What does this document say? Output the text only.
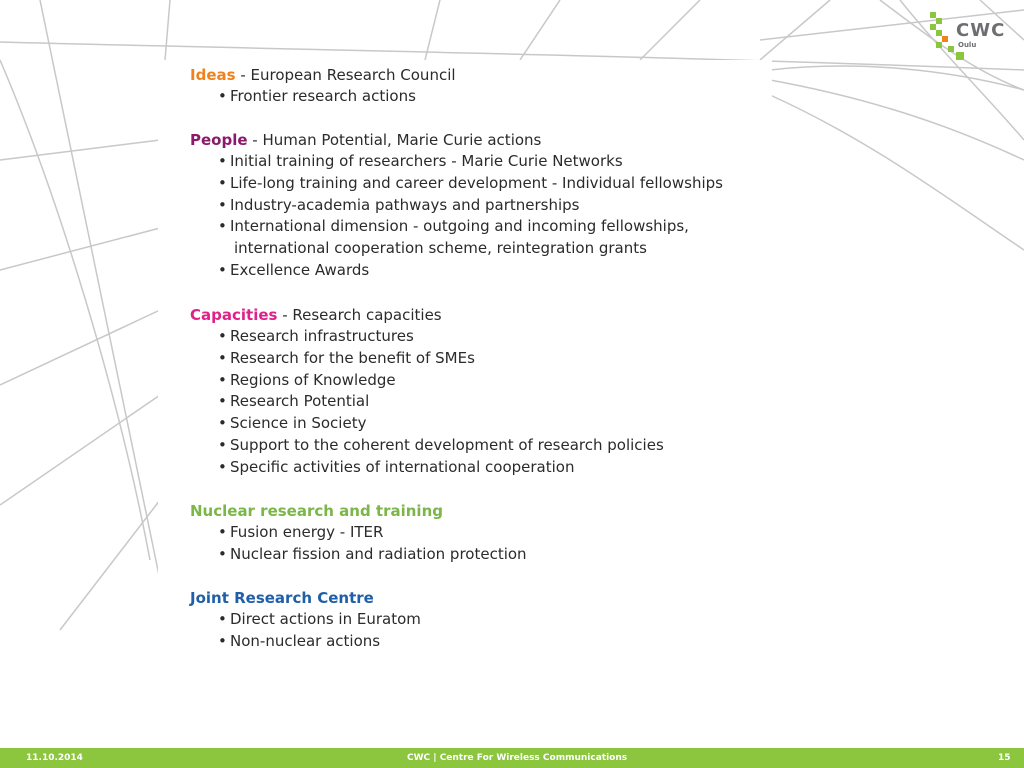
CWC
Oulu
Ideas - European Research Council
• Frontier research actions
People - Human Potential, Marie Curie actions
• Initial training of researchers - Marie Curie Networks
• Life-long training and career development - Individual fellowships
• Industry-academia pathways and partnerships
• International dimension - outgoing and incoming fellowships,
international cooperation scheme, reintegration grants
• Excellence Awards
Capacities - Research capacities
• Research infrastructures
• Research for the benefit of SMEs
• Regions of Knowledge
• Research Potential
• Science in Society
• Support to the coherent development of research policies
• Specific activities of international cooperation
Nuclear research and training
• Fusion energy - ITER
• Nuclear fission and radiation protection
Joint Research Centre
• Direct actions in Euratom
• Non-nuclear actions
11.10.2014	CWC | Centre For Wireless Communications	15
